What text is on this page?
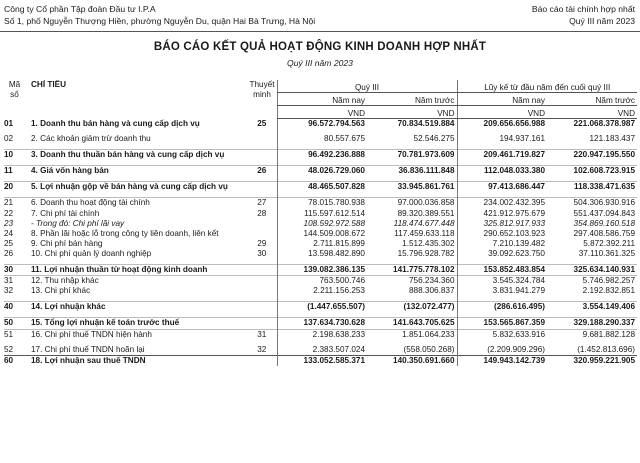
Công ty Cổ phần Tập đoàn Đầu tư I.P.A
Số 1, phố Nguyễn Thượng Hiền, phường Nguyễn Du, quận Hai Bà Trưng, Hà Nội
Báo cáo tài chính hợp nhất
Quý III năm 2023
BÁO CÁO KẾT QUẢ HOẠT ĐỘNG KINH DOANH HỢP NHẤT
Quý III năm 2023
Mã số	CHỈ TIÊU	Thuyết minh	Quý III		Lũy kế từ đầu năm đến cuối quý III	
			Năm nay	Năm trước	Năm nay	Năm trước
			VND	VND	VND	VND
01	1. Doanh thu bán hàng và cung cấp dịch vụ	25	96.572.794.563	70.834.519.884	209.656.656.988	221.068.378.987

02	2. Các khoản giảm trừ doanh thu		80.557.675	52.546.275	194.937.161	121.183.437

10	3. Doanh thu thuần bán hàng và cung cấp dịch vụ		96.492.236.888	70.781.973.609	209.461.719.827	220.947.195.550

11	4. Giá vốn hàng bán	26	48.026.729.060	36.836.111.848	112.048.033.380	102.608.723.915

20	5. Lợi nhuận gộp về bán hàng và cung cấp dịch vụ		48.465.507.828	33.945.861.761	97.413.686.447	118.338.471.635

21	6. Doanh thu hoạt động tài chính	27	78.015.780.938	97.000.036.858	234.002.432.395	504.306.930.916
22	7. Chi phí tài chính	28	115.597.612.514	89.320.389.551	421.912.975.679	551.437.094.843
23	- Trong đó: Chi phí lãi vay		108.592.972.588	118.474.677.448	325.812.917.933	354.869.160.518
24	8. Phần lãi hoặc lỗ trong công ty liên doanh, liên kết		144.509.008.672	117.459.633.118	290.652.103.923	297.408.586.759
25	9. Chi phí bán hàng	29	2.711.815.899	1.512.435.302	7.210.139.482	5.872.392.211
26	10. Chi phí quản lý doanh nghiệp	30	13.598.482.890	15.796.928.782	39.092.623.750	37.110.361.325

30	11. Lợi nhuận thuần từ hoạt động kinh doanh		139.082.386.135	141.775.778.102	153.852.483.854	325.634.140.931
31	12. Thu nhập khác		763.500.746	756.234.360	3.545.324.784	5.746.982.257
32	13. Chi phí khác		2.211.156.253	888.306.837	3.831.941.279	2.192.832.851

40	14. Lợi nhuận khác		(1.447.655.507)	(132.072.477)	(286.616.495)	3.554.149.406

50	15. Tổng lợi nhuận kế toán trước thuế		137.634.730.628	141.643.705.625	153.565.867.359	329.188.290.337
51	16. Chi phí thuế TNDN hiện hành	31	2.198.638.233	1.851.064.233	5.832.633.916	9.681.882.128

52	17. Chi phí thuế TNDN hoãn lại	32	2.383.507.024	(558.050.268)	(2.209.909.296)	(1.452.813.696)
60	18. Lợi nhuận sau thuế TNDN		133.052.585.371	140.350.691.660	149.943.142.739	320.959.221.905
